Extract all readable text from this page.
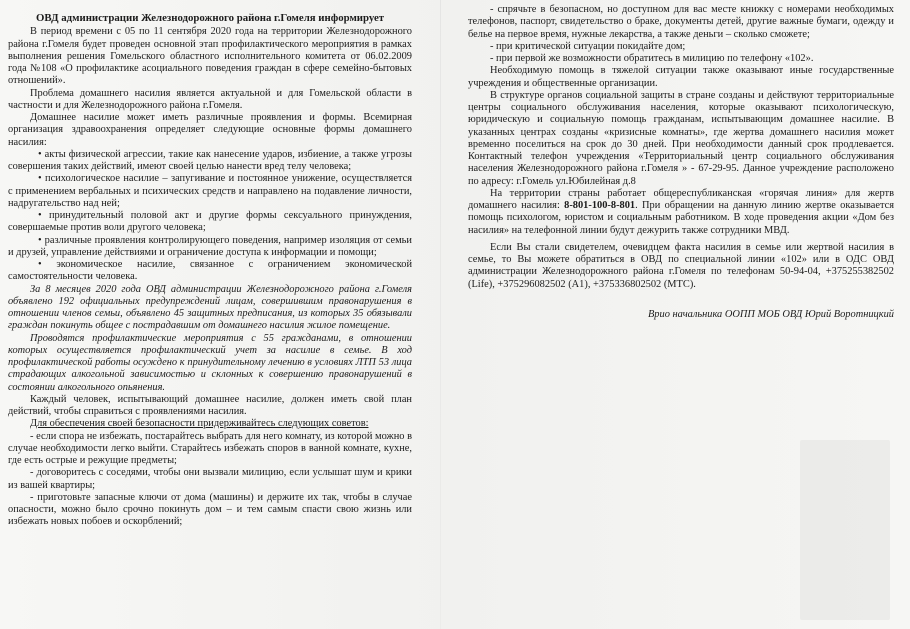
ОВД администрации Железнодорожного района г.Гомеля информирует

В период времени с 05 по 11 сентября 2020 года на территории Железнодорожного района г.Гомеля будет проведен основной этап профилактического мероприятия в рамках выполнения решения Гомельского областного исполнительного комитета от 06.02.2009 года №108 «О профилактике асоциального поведения граждан в сфере семейно-бытовых отношений».

Проблема домашнего насилия является актуальной и для Гомельской области в частности и для Железнодорожного района г.Гомеля.

Домашнее насилие может иметь различные проявления и формы. Всемирная организация здравоохранения определяет следующие основные формы домашнего насилия:

• акты физической агрессии, такие как нанесение ударов, избиение, а также угрозы совершения таких действий, имеют своей целью нанести вред телу человека;

• психологическое насилие – запугивание и постоянное унижение, осуществляется с применением вербальных и психических средств и направлено на подавление личности, надругательство над ней;

• принудительный половой акт и другие формы сексуального принуждения, совершаемые против воли другого человека;

• различные проявления контролирующего поведения, например изоляция от семьи и друзей, управление действиями и ограничение доступа к информации и помощи;

• экономическое насилие, связанное с ограничением экономической самостоятельности человека.

За 8 месяцев 2020 года ОВД администрации Железнодорожного района г.Гомеля объявлено 192 официальных предупреждений лицам, совершившим правонарушения в отношении членов семьи, объявлено 45 защитных предписания, из которых 35 обязывали граждан покинуть общее с пострадавшим от домашнего насилия жилое помещение.

Проводятся профилактические мероприятия с 55 гражданами, в отношении которых осуществляется профилактический учет за насилие в семье. В ход профилактической работы осуждено к принудительному лечению в условиях ЛТП 53 лица страдающих алкогольной зависимостью и склонных к совершению правонарушений в состоянии алкогольного опьянения.

Каждый человек, испытывающий домашнее насилие, должен иметь свой план действий, чтобы справиться с проявлениями насилия.

Для обеспечения своей безопасности придерживайтесь следующих советов:

- если спора не избежать, постарайтесь выбрать для него комнату, из которой можно в случае необходимости легко выйти. Старайтесь избежать споров в ванной комнате, кухне, где есть острые и режущие предметы;

- договоритесь с соседями, чтобы они вызвали милицию, если услышат шум и крики из вашей квартиры;

- приготовьте запасные ключи от дома (машины) и держите их так, чтобы в случае опасности, можно было срочно покинуть дом – и тем самым спасти свою жизнь или избежать новых побоев и оскорблений;

- спрячьте в безопасном, но доступном для вас месте книжку с номерами необходимых телефонов, паспорт, свидетельство о браке, документы детей, другие важные бумаги, одежду и белье на первое время, нужные лекарства, а также деньги – сколько сможете;

- при критической ситуации покидайте дом;

- при первой же возможности обратитесь в милицию по телефону «102».

Необходимую помощь в тяжелой ситуации также оказывают иные государственные учреждения и общественные организации.

В структуре органов социальной защиты в стране созданы и действуют территориальные центры социального обслуживания населения, которые оказывают психологическую, юридическую и социальную помощь гражданам, испытывающим домашнее насилие. В указанных центрах созданы «кризисные комнаты», где жертва домашнего насилия может временно поселиться на срок до 30 дней. При необходимости данный срок продлевается. Контактный телефон учреждения «Территориальный центр социального обслуживания населения Железнодорожного района г.Гомеля » - 67-29-95. Данное учреждение расположено по адресу: г.Гомель ул.Юбилейная д.8

На территории страны работает общереспубликанская «горячая линия» для жертв домашнего насилия: 8-801-100-8-801. При обращении на данную линию жертве оказывается помощь психологом, юристом и социальным работником. В ходе проведения акции «Дом без насилия» на телефонной линии будут дежурить также сотрудники МВД.

Если Вы стали свидетелем, очевидцем факта насилия в семье или жертвой насилия в семье, то Вы можете обратиться в ОВД по специальной линии «102» или в ОДС ОВД администрации Железнодорожного района г.Гомеля по телефонам 50-94-04, +375255382502 (Life), +375296082502 (A1), +375336802502 (МТС).

Врио начальника ООПП МОБ ОВД Юрий Воротницкий
